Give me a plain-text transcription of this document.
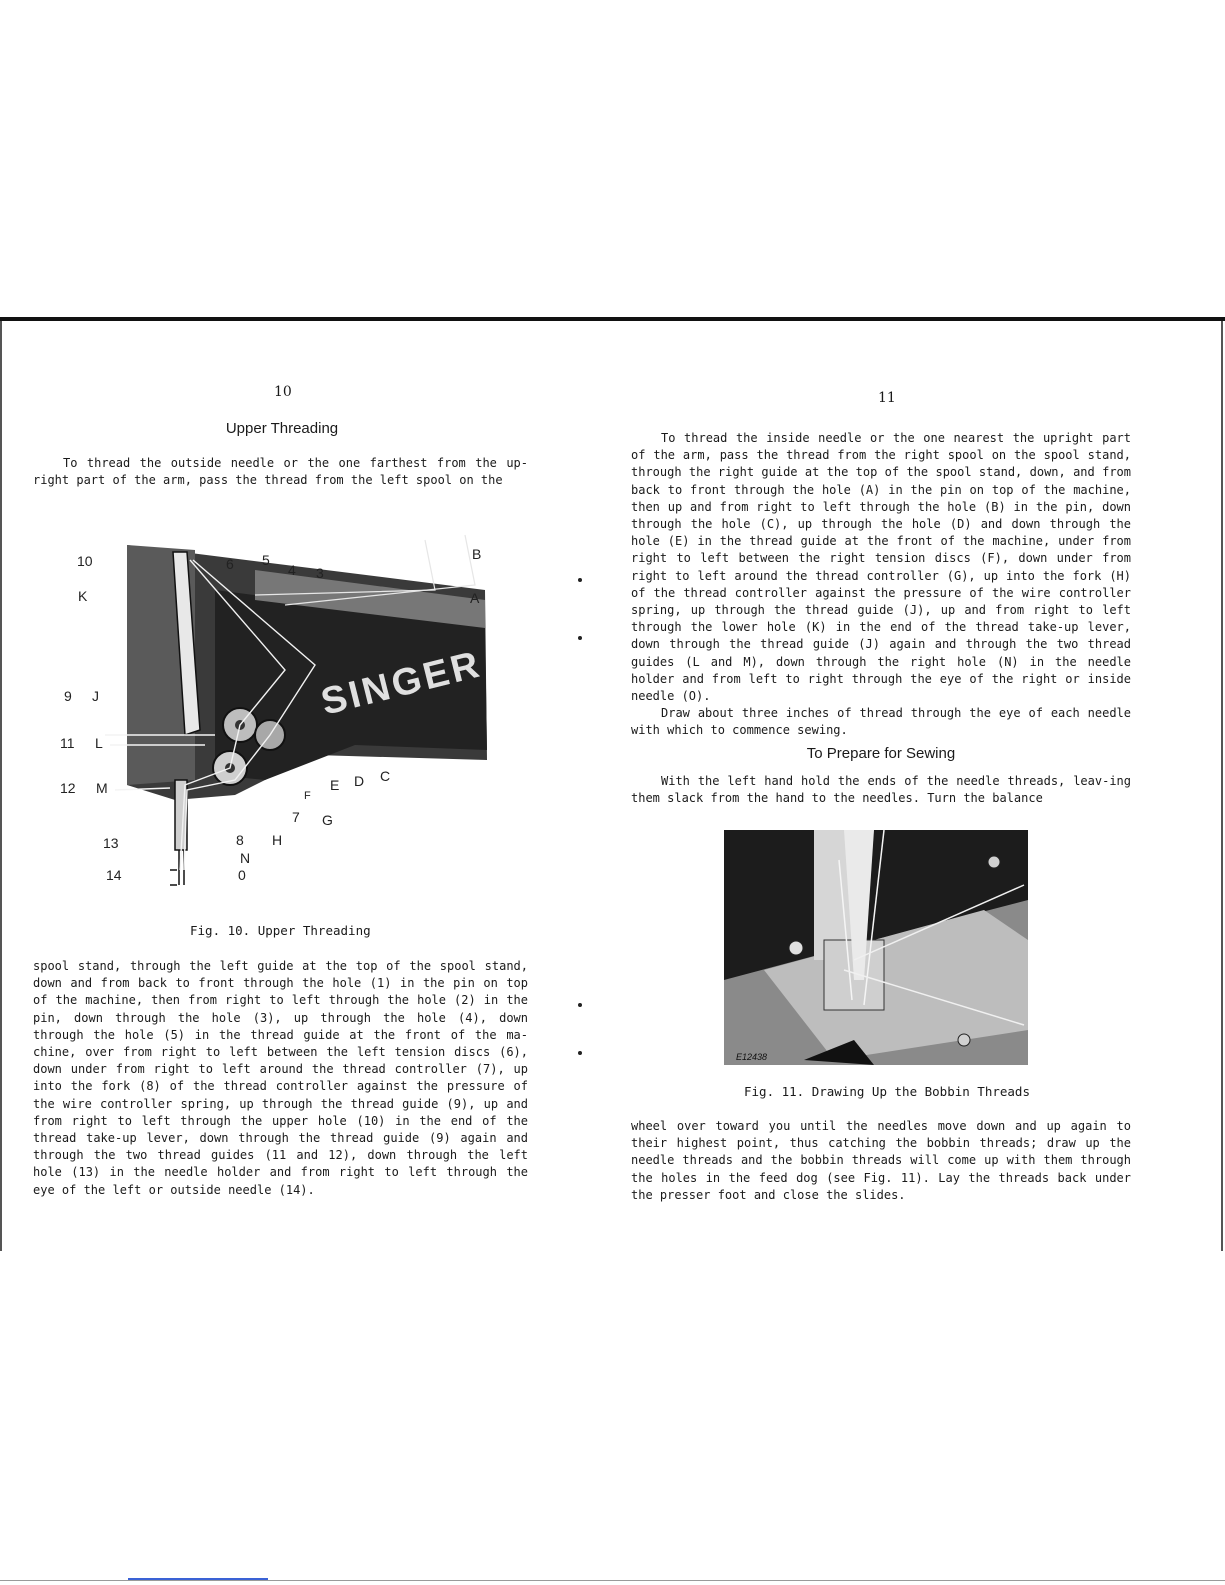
10
Upper Threading

To thread the outside needle or the one farthest from the up-right part of the arm, pass the thread from the left spool on the

SINGER
10
K
6 5
4 3
B
A
9 J
11 L
12 M	E D C
F
7 G
13	8 H
N
14	0
Fig. 10. Upper Threading

spool stand, through the left guide at the top of the spool stand, down and from back to front through the hole (1) in the pin on top of the machine, then from right to left through the hole (2) in the pin, down through the hole (3), up through the hole (4), down through the hole (5) in the thread guide at the front of the ma-chine, over from right to left between the left tension discs (6), down under from right to left around the thread controller (7), up into the fork (8) of the thread controller against the pressure of the wire controller spring, up through the thread guide (9), up and from right to left through the upper hole (10) in the end of the thread take-up lever, down through the thread guide (9) again and through the two thread guides (11 and 12), down through the left hole (13) in the needle holder and from right to left through the eye of the left or outside needle (14).

11

To thread the inside needle or the one nearest the upright part of the arm, pass the thread from the right spool on the spool stand, through the right guide at the top of the spool stand, down, and from back to front through the hole (A) in the pin on top of the machine, then up and from right to left through the hole (B) in the pin, down through the hole (C), up through the hole (D) and down through the hole (E) in the thread guide at the front of the machine, under from right to left between the right tension discs (F), down under from right to left around the thread controller (G), up into the fork (H) of the thread controller against the pressure of the wire controller spring, up through the thread guide (J), up and from right to left through the lower hole (K) in the end of the thread take-up lever, down through the thread guide (J) again and through the two thread guides (L and M), down through the right hole (N) in the needle holder and from left to right through the eye of the right or inside needle (O).

Draw about three inches of thread through the eye of each needle with which to commence sewing.

To Prepare for Sewing

With the left hand hold the ends of the needle threads, leav-ing them slack from the hand to the needles. Turn the balance

E12438
Fig. 11. Drawing Up the Bobbin Threads

wheel over toward you until the needles move down and up again to their highest point, thus catching the bobbin threads; draw up the needle threads and the bobbin threads will come up with them through the holes in the feed dog (see Fig. 11). Lay the threads back under the presser foot and close the slides.
